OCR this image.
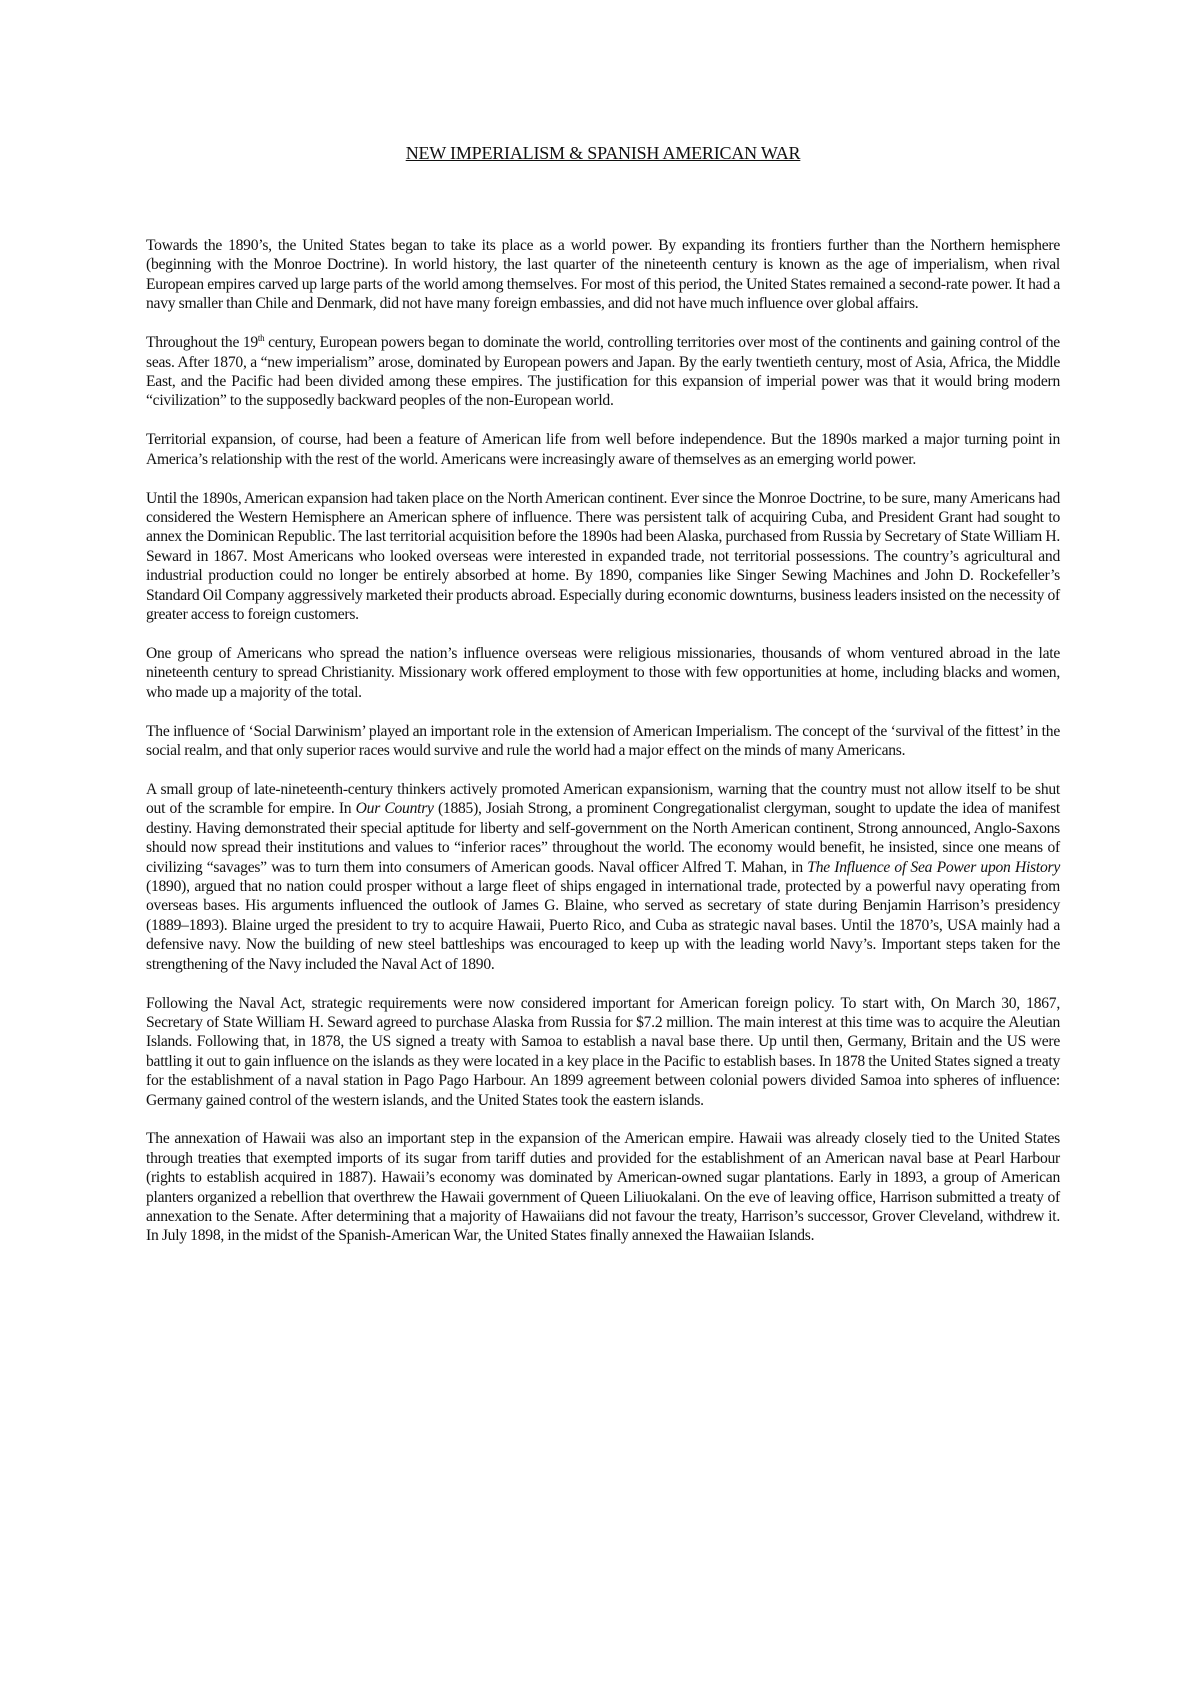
NEW IMPERIALISM & SPANISH AMERICAN WAR

Towards the 1890’s, the United States began to take its place as a world power. By expanding its frontiers further than the Northern hemisphere (beginning with the Monroe Doctrine). In world history, the last quarter of the nineteenth century is known as the age of imperialism, when rival European empires carved up large parts of the world among themselves. For most of this period, the United States remained a second-rate power. It had a navy smaller than Chile and Denmark, did not have many foreign embassies, and did not have much influence over global affairs.

Throughout the 19th century, European powers began to dominate the world, controlling territories over most of the continents and gaining control of the seas. After 1870, a “new imperialism” arose, dominated by European powers and Japan. By the early twentieth century, most of Asia, Africa, the Middle East, and the Pacific had been divided among these empires. The justification for this expansion of imperial power was that it would bring modern “civilization” to the supposedly backward peoples of the non-European world.

Territorial expansion, of course, had been a feature of American life from well before independence. But the 1890s marked a major turning point in America’s relationship with the rest of the world. Americans were increasingly aware of themselves as an emerging world power.

Until the 1890s, American expansion had taken place on the North American continent. Ever since the Monroe Doctrine, to be sure, many Americans had considered the Western Hemisphere an American sphere of influence. There was persistent talk of acquiring Cuba, and President Grant had sought to annex the Dominican Republic. The last territorial acquisition before the 1890s had been Alaska, purchased from Russia by Secretary of State William H. Seward in 1867. Most Americans who looked overseas were interested in expanded trade, not territorial possessions. The country’s agricultural and industrial production could no longer be entirely absorbed at home. By 1890, companies like Singer Sewing Machines and John D. Rockefeller’s Standard Oil Company aggressively marketed their products abroad. Especially during economic downturns, business leaders insisted on the necessity of greater access to foreign customers.

One group of Americans who spread the nation’s influence overseas were religious missionaries, thousands of whom ventured abroad in the late nineteenth century to spread Christianity. Missionary work offered employment to those with few opportunities at home, including blacks and women, who made up a majority of the total.

The influence of ‘Social Darwinism’ played an important role in the extension of American Imperialism. The concept of the ‘survival of the fittest’ in the social realm, and that only superior races would survive and rule the world had a major effect on the minds of many Americans.

A small group of late-nineteenth-century thinkers actively promoted American expansionism, warning that the country must not allow itself to be shut out of the scramble for empire. In Our Country (1885), Josiah Strong, a prominent Congregationalist clergyman, sought to update the idea of manifest destiny. Having demonstrated their special aptitude for liberty and self-government on the North American continent, Strong announced, Anglo-Saxons should now spread their institutions and values to “inferior races” throughout the world. The economy would benefit, he insisted, since one means of civilizing “savages” was to turn them into consumers of American goods. Naval officer Alfred T. Mahan, in The Influence of Sea Power upon History (1890), argued that no nation could prosper without a large fleet of ships engaged in international trade, protected by a powerful navy operating from overseas bases. His arguments influenced the outlook of James G. Blaine, who served as secretary of state during Benjamin Harrison’s presidency (1889–1893). Blaine urged the president to try to acquire Hawaii, Puerto Rico, and Cuba as strategic naval bases. Until the 1870’s, USA mainly had a defensive navy. Now the building of new steel battleships was encouraged to keep up with the leading world Navy’s. Important steps taken for the strengthening of the Navy included the Naval Act of 1890.

Following the Naval Act, strategic requirements were now considered important for American foreign policy. To start with, On March 30, 1867, Secretary of State William H. Seward agreed to purchase Alaska from Russia for $7.2 million. The main interest at this time was to acquire the Aleutian Islands. Following that, in 1878, the US signed a treaty with Samoa to establish a naval base there. Up until then, Germany, Britain and the US were battling it out to gain influence on the islands as they were located in a key place in the Pacific to establish bases. In 1878 the United States signed a treaty for the establishment of a naval station in Pago Pago Harbour. An 1899 agreement between colonial powers divided Samoa into spheres of influence: Germany gained control of the western islands, and the United States took the eastern islands.

The annexation of Hawaii was also an important step in the expansion of the American empire. Hawaii was already closely tied to the United States through treaties that exempted imports of its sugar from tariff duties and provided for the establishment of an American naval base at Pearl Harbour (rights to establish acquired in 1887). Hawaii’s economy was dominated by American-owned sugar plantations. Early in 1893, a group of American planters organized a rebellion that overthrew the Hawaii government of Queen Liliuokalani. On the eve of leaving office, Harrison submitted a treaty of annexation to the Senate. After determining that a majority of Hawaiians did not favour the treaty, Harrison’s successor, Grover Cleveland, withdrew it. In July 1898, in the midst of the Spanish-American War, the United States finally annexed the Hawaiian Islands.
